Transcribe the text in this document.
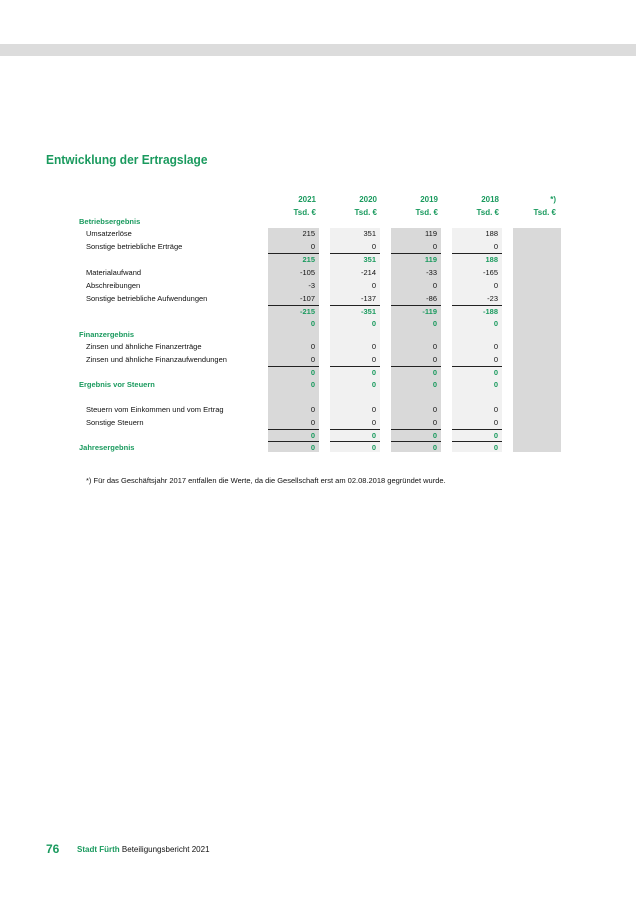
Entwicklung der Ertragslage
2021	2020	2019	2018	*)
Tsd. €	Tsd. €	Tsd. €	Tsd. €	Tsd. €
Betriebsergebnis
Umsatzerlöse	215	351	119	188
Sonstige betriebliche Erträge	0	0	0	0
215	351	119	188
Materialaufwand	-105	-214	-33	-165
Abschreibungen	-3	0	0	0
Sonstige betriebliche Aufwendungen	-107	-137	-86	-23
-215	-351	-119	-188
0	0	0	0
Finanzergebnis
Zinsen und ähnliche Finanzerträge	0	0	0	0
Zinsen und ähnliche Finanzaufwendungen	0	0	0	0
0	0	0	0
Ergebnis vor Steuern	0	0	0	0
Steuern vom Einkommen und vom Ertrag	0	0	0	0
Sonstige Steuern	0	0	0	0
0	0	0	0
Jahresergebnis	0	0	0	0
*) Für das Geschäftsjahr 2017 entfallen die Werte, da die Gesellschaft erst am 02.08.2018 gegründet wurde.
76 Stadt Fürth Beteiligungsbericht 2021
